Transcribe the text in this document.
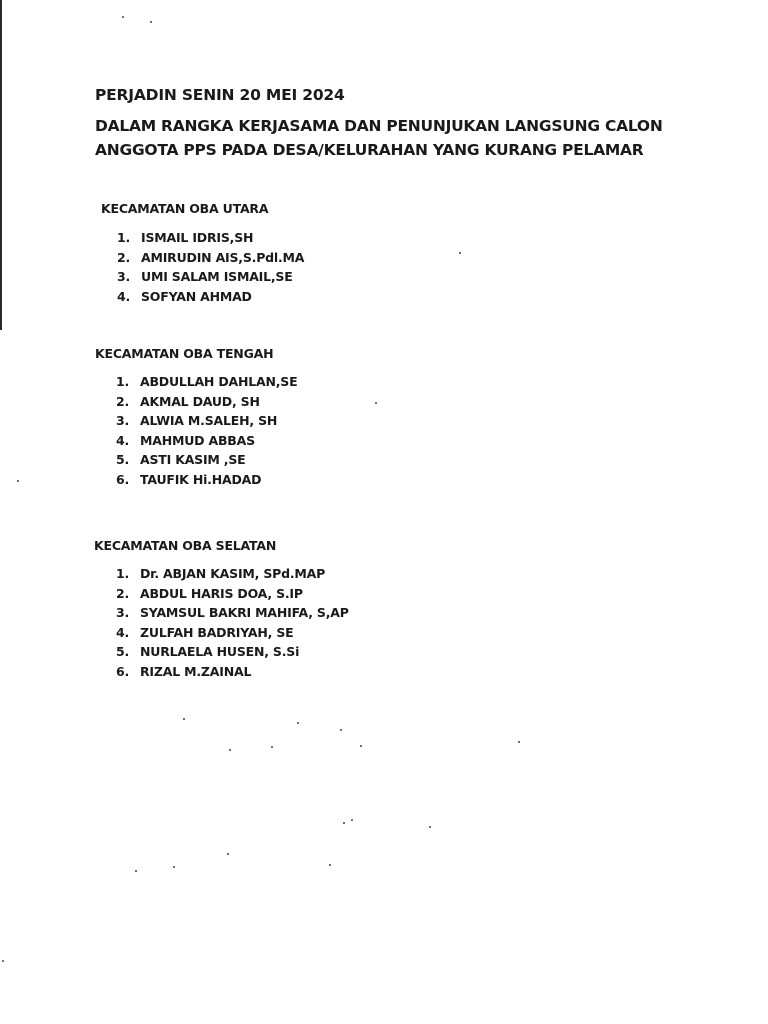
PERJADIN SENIN 20 MEI 2024
DALAM RANGKA KERJASAMA DAN PENUNJUKAN LANGSUNG CALON
ANGGOTA PPS PADA DESA/KELURAHAN YANG KURANG PELAMAR
KECAMATAN OBA UTARA
1. ISMAIL IDRIS,SH
2. AMIRUDIN AIS,S.Pdl.MA
3. UMI SALAM ISMAIL,SE
4. SOFYAN AHMAD
KECAMATAN OBA TENGAH
1. ABDULLAH DAHLAN,SE
2. AKMAL DAUD, SH
3. ALWIA M.SALEH, SH
4. MAHMUD ABBAS
5. ASTI KASIM ,SE
6. TAUFIK Hi.HADAD
KECAMATAN OBA SELATAN
1. Dr. ABJAN KASIM, SPd.MAP
2. ABDUL HARIS DOA, S.IP
3. SYAMSUL BAKRI MAHIFA, S,AP
4. ZULFAH BADRIYAH, SE
5. NURLAELA HUSEN, S.Si
6. RIZAL M.ZAINAL
